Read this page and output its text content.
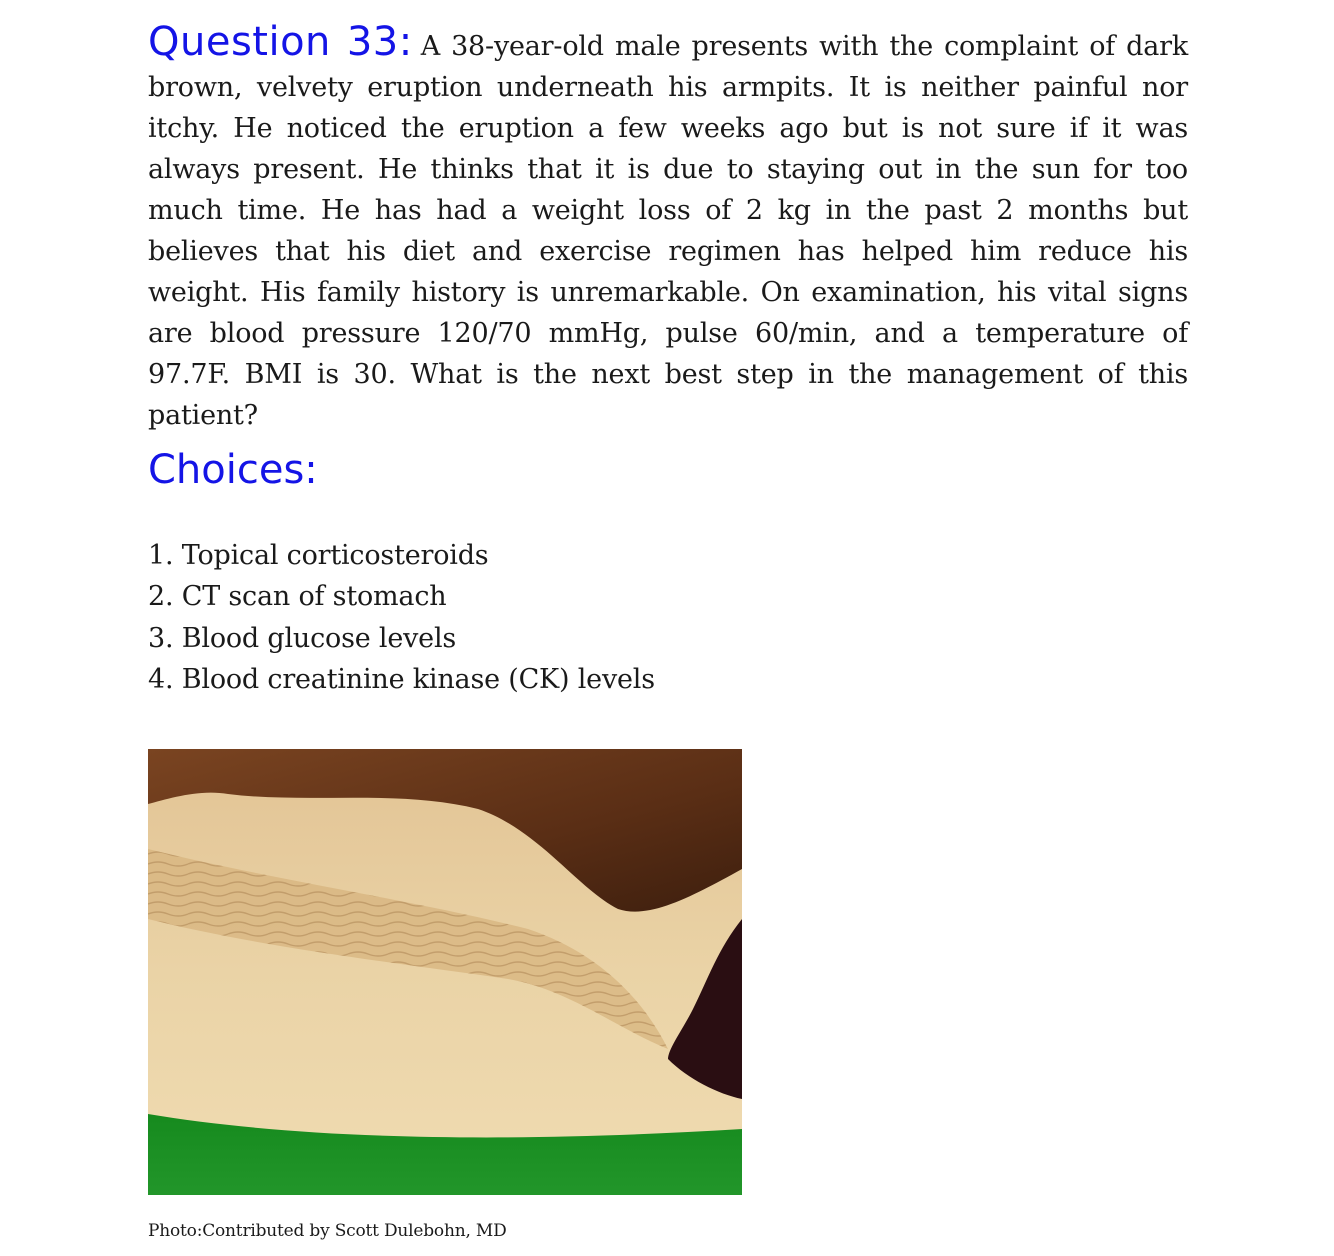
Question 33: A 38-year-old male presents with the complaint of dark brown, velvety eruption underneath his armpits. It is neither painful nor itchy. He noticed the eruption a few weeks ago but is not sure if it was always present. He thinks that it is due to staying out in the sun for too much time. He has had a weight loss of 2 kg in the past 2 months but believes that his diet and exercise regimen has helped him reduce his weight. His family history is unremarkable. On examination, his vital signs are blood pressure 120/70 mmHg, pulse 60/min, and a temperature of 97.7F. BMI is 30. What is the next best step in the management of this patient?
Choices:
1. Topical corticosteroids
2. CT scan of stomach
3. Blood glucose levels
4. Blood creatinine kinase (CK) levels
Photo:Contributed by Scott Dulebohn, MD
